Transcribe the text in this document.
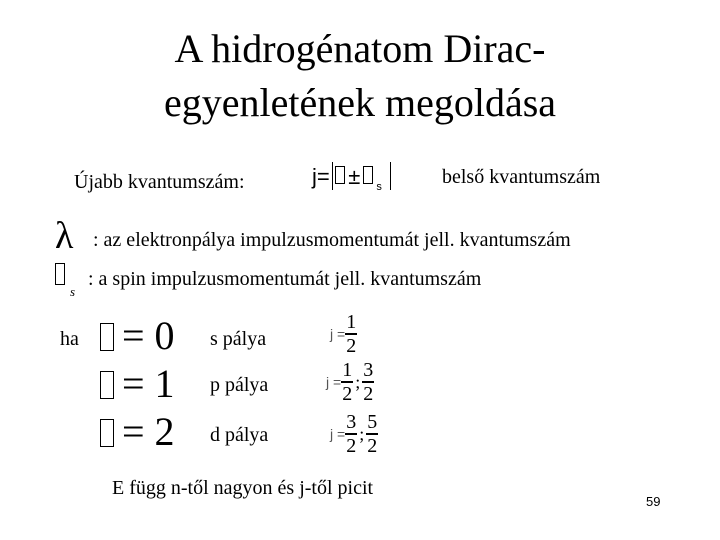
A hidrogénatom Dirac-
egyenletének megoldása
Újabb kvantumszám:	j= ± $_s$	belső kvantumszám
λ : az elektronpálya impulzusmomentumát jell. kvantumszám
s
: a spin impulzusmomentumát jell. kvantumszám
ha	= 0 s pálya	$j = \frac{1}{2}$
= 1 p pálya	$j = \frac{1}{2}$ ; $\frac{3}{2}$
= 2 d pálya	$j = \frac{3}{2}$ ; $\frac{5}{2}$
E függ n-től nagyon és j-től picit
59
